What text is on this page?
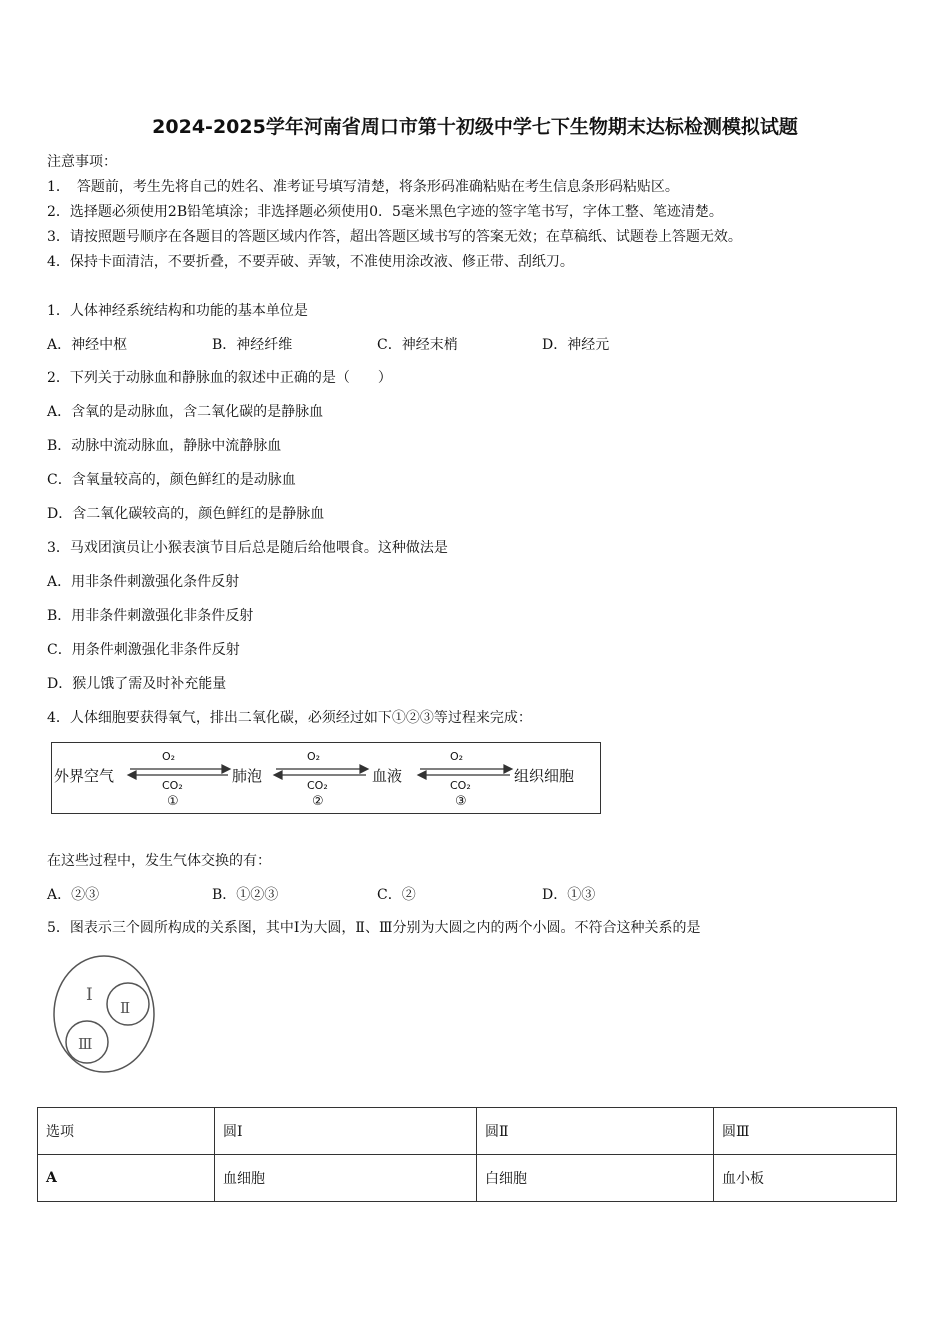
2024-2025学年河南省周口市第十初级中学七下生物期末达标检测模拟试题
注意事项：
1．　答题前，考生先将自己的姓名、准考证号填写清楚，将条形码准确粘贴在考生信息条形码粘贴区。
2．选择题必须使用2B铅笔填涂；非选择题必须使用0．5毫米黑色字迹的签字笔书写，字体工整、笔迹清楚。
3．请按照题号顺序在各题目的答题区域内作答，超出答题区域书写的答案无效；在草稿纸、试题卷上答题无效。
4．保持卡面清洁，不要折叠，不要弄破、弄皱，不准使用涂改液、修正带、刮纸刀。
1．人体神经系统结构和功能的基本单位是
A．神经中枢	B．神经纤维	C．神经末梢	D．神经元
2．下列关于动脉血和静脉血的叙述中正确的是（　　）
A．含氧的是动脉血，含二氧化碳的是静脉血
B．动脉中流动脉血，静脉中流静脉血
C．含氧量较高的，颜色鲜红的是动脉血
D．含二氧化碳较高的，颜色鲜红的是静脉血
3．马戏团演员让小猴表演节目后总是随后给他喂食。这种做法是
A．用非条件刺激强化条件反射
B．用非条件刺激强化非条件反射
C．用条件刺激强化非条件反射
D．猴儿饿了需及时补充能量
4．人体细胞要获得氧气，排出二氧化碳，必须经过如下①②③等过程来完成：
外界空气	肺泡	血液	组织细胞
O₂
CO₂
①
O₂
CO₂
②
O₂
CO₂
③
在这些过程中，发生气体交换的有：
A．②③	B．①②③	C．②	D．①③
5．图表示三个圆所构成的关系图，其中Ⅰ为大圆，Ⅱ、Ⅲ分别为大圆之内的两个小圆。不符合这种关系的是
Ⅰ
Ⅱ
Ⅲ
选项	圆Ⅰ	圆Ⅱ	圆Ⅲ
A	血细胞	白细胞	血小板
